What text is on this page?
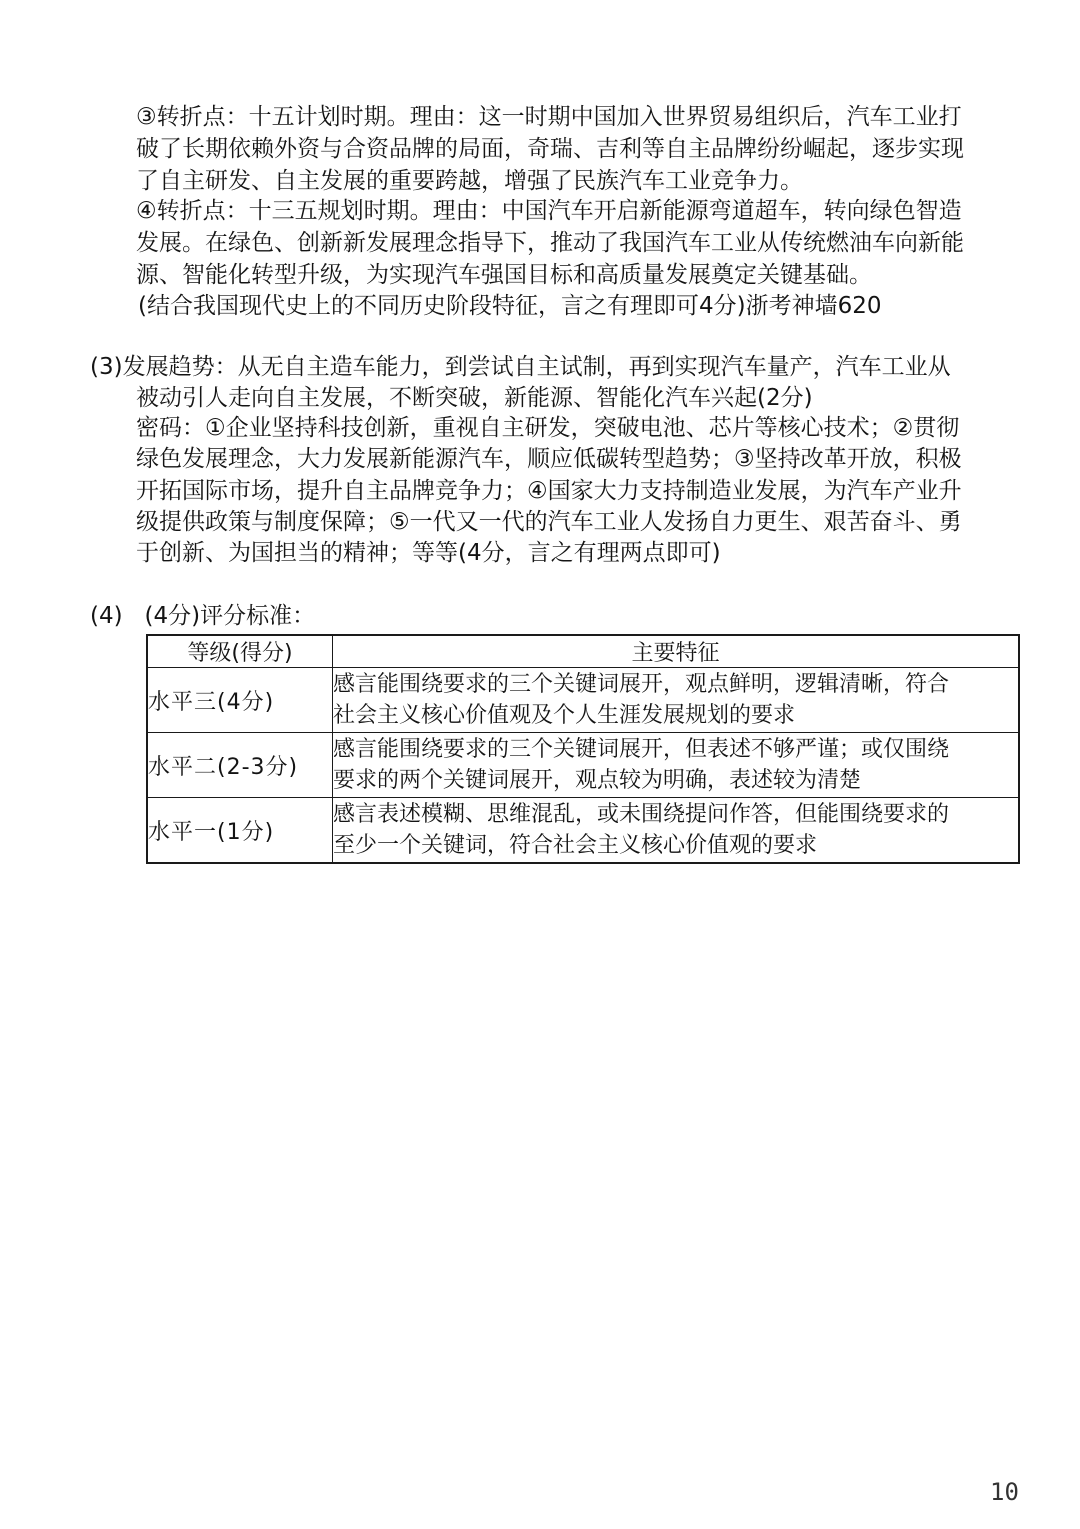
③转折点：十五计划时期。理由：这一时期中国加入世界贸易组织后，汽车工业打
破了长期依赖外资与合资品牌的局面，奇瑞、吉利等自主品牌纷纷崛起，逐步实现
了自主研发、自主发展的重要跨越，增强了民族汽车工业竞争力。
④转折点：十三五规划时期。理由：中国汽车开启新能源弯道超车，转向绿色智造
发展。在绿色、创新新发展理念指导下，推动了我国汽车工业从传统燃油车向新能
源、智能化转型升级，为实现汽车强国目标和高质量发展奠定关键基础。
(结合我国现代史上的不同历史阶段特征，言之有理即可4分)浙考神墙620
(3)发展趋势：从无自主造车能力，到尝试自主试制，再到实现汽车量产，汽车工业从
被动引人走向自主发展，不断突破，新能源、智能化汽车兴起(2分)
密码：①企业坚持科技创新，重视自主研发，突破电池、芯片等核心技术；②贯彻
绿色发展理念，大力发展新能源汽车，顺应低碳转型趋势；③坚持改革开放，积极
开拓国际市场，提升自主品牌竞争力；④国家大力支持制造业发展，为汽车产业升
级提供政策与制度保障；⑤一代又一代的汽车工业人发扬自力更生、艰苦奋斗、勇
于创新、为国担当的精神；等等(4分，言之有理两点即可)
(4)   (4分)评分标准：
等级(得分)	主要特征
水平三(4分)	感言能围绕要求的三个关键词展开，观点鲜明，逻辑清晰，符合
社会主义核心价值观及个人生涯发展规划的要求

水平二(2-3分)	感言能围绕要求的三个关键词展开，但表述不够严谨；或仅围绕
要求的两个关键词展开，观点较为明确，表述较为清楚

水平一(1分)	感言表述模糊、思维混乱，或未围绕提问作答，但能围绕要求的
至少一个关键词，符合社会主义核心价值观的要求
10
